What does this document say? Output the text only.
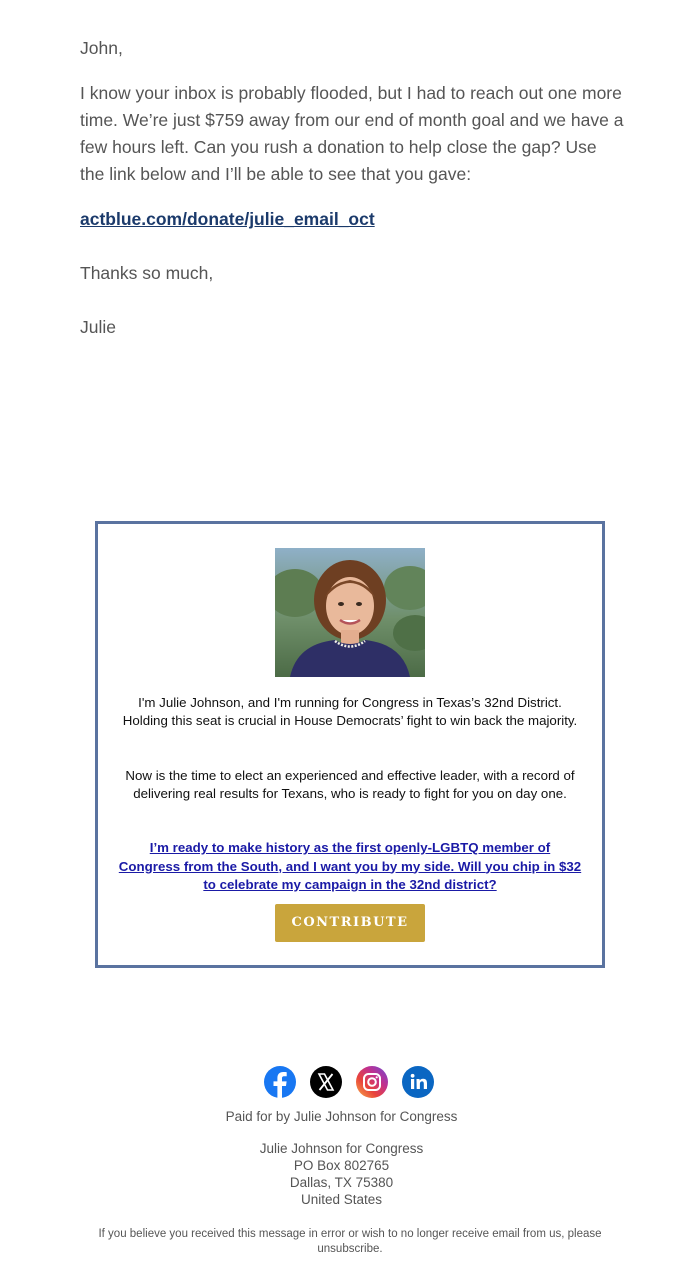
John,

I know your inbox is probably flooded, but I had to reach out one more time. We’re just $759 away from our end of month goal and we have a few hours left. Can you rush a donation to help close the gap? Use the link below and I’ll be able to see that you gave:

actblue.com/donate/julie_email_oct

Thanks so much,

Julie

I'm Julie Johnson, and I'm running for Congress in Texas’s 32nd District. Holding this seat is crucial in House Democrats’ fight to win back the majority.

Now is the time to elect an experienced and effective leader, with a record of delivering real results for Texans, who is ready to fight for you on day one.

I’m ready to make history as the first openly-LGBTQ member of Congress from the South, and I want you by my side. Will you chip in $32 to celebrate my campaign in the 32nd district?
CONTRIBUTE
Paid for by Julie Johnson for Congress
Julie Johnson for Congress
PO Box 802765
Dallas, TX 75380
United States
If you believe you received this message in error or wish to no longer receive email from us, please unsubscribe.
